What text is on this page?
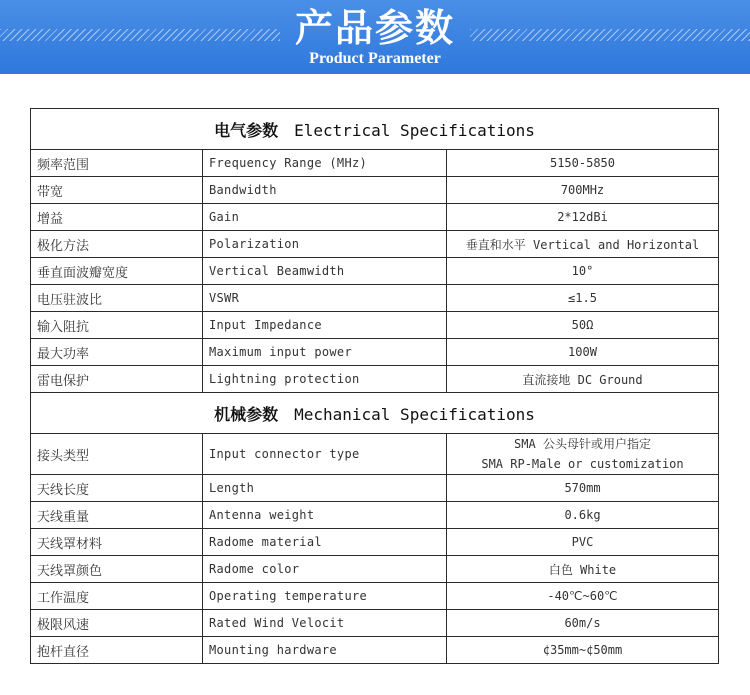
产品参数
Product Parameter
电气参数 Electrical Specifications		
频率范围	Frequency Range (MHz)	5150-5850
带宽	Bandwidth	700MHz
增益	Gain	2*12dBi
极化方法	Polarization	垂直和水平 Vertical and Horizontal
垂直面波瓣宽度	Vertical Beamwidth	10°
电压驻波比	VSWR	≤1.5
输入阻抗	Input Impedance	50Ω
最大功率	Maximum input power	100W
雷电保护	Lightning protection	直流接地 DC Ground
机械参数 Mechanical Specifications		
接头类型	Input connector type	SMA 公头母针或用户指定
SMA RP-Male or customization

天线长度	Length	570mm
天线重量	Antenna weight	0.6kg
天线罩材料	Radome material	PVC
天线罩颜色	Radome color	白色 White
工作温度	Operating temperature	-40℃~60℃
极限风速	Rated Wind Velocit	60m/s
抱杆直径	Mounting hardware	¢35mm~¢50mm
